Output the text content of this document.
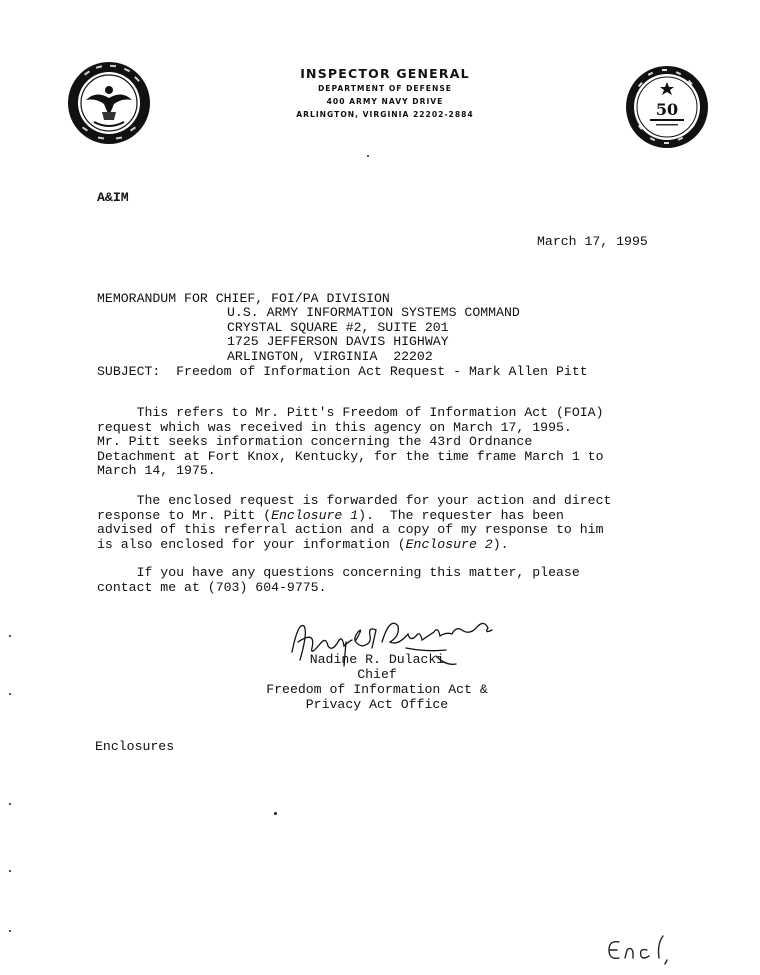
INSPECTOR GENERAL
DEPARTMENT OF DEFENSE
400 ARMY NAVY DRIVE
ARLINGTON, VIRGINIA 22202-2884	50
A&IM
March 17, 1995

MEMORANDUM FOR CHIEF, FOI/PA DIVISION
U.S. ARMY INFORMATION SYSTEMS COMMAND
CRYSTAL SQUARE #2, SUITE 201
1725 JEFFERSON DAVIS HIGHWAY
ARLINGTON, VIRGINIA  22202

SUBJECT: Freedom of Information Act Request - Mark Allen Pitt
This refers to Mr. Pitt's Freedom of Information Act (FOIA)
request which was received in this agency on March 17, 1995.
Mr. Pitt seeks information concerning the 43rd Ordnance
Detachment at Fort Knox, Kentucky, for the time frame March 1 to
March 14, 1975.
The enclosed request is forwarded for your action and direct
response to Mr. Pitt (Enclosure 1).  The requester has been
advised of this referral action and a copy of my response to him
is also enclosed for your information (Enclosure 2).
If you have any questions concerning this matter, please
contact me at (703) 604-9775.
Nadine R. Dulacki
Chief
Freedom of Information Act &
Privacy Act Office
Enclosures
